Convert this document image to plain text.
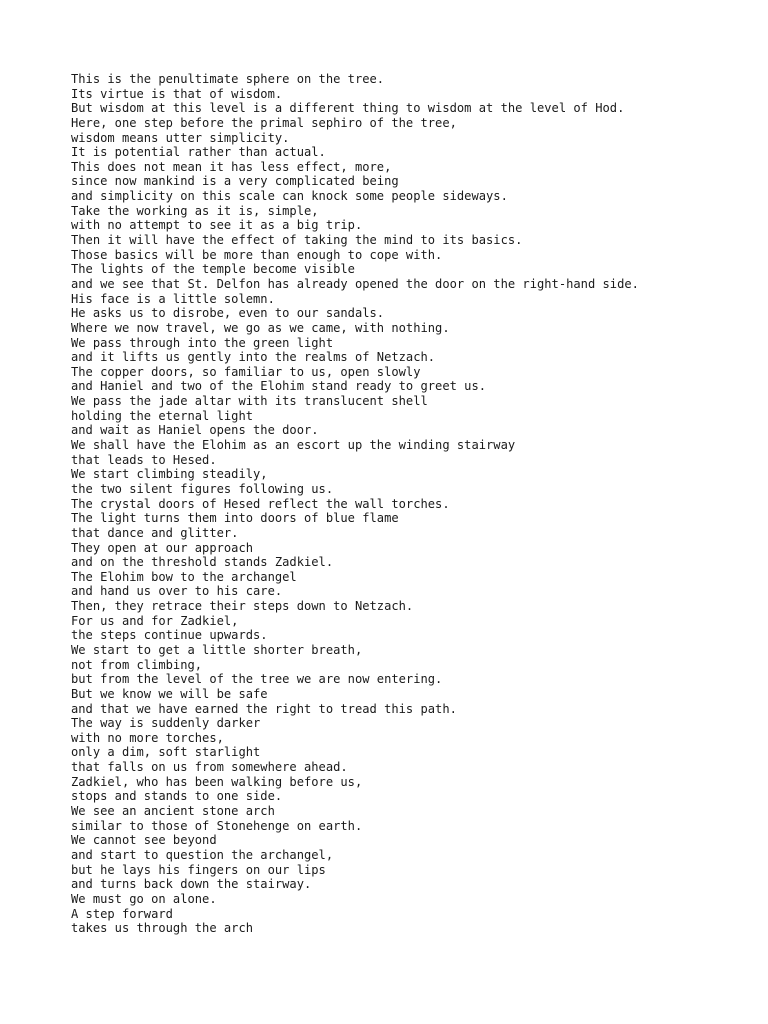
This is the penultimate sphere on the tree.
Its virtue is that of wisdom.
But wisdom at this level is a different thing to wisdom at the level of Hod.
Here, one step before the primal sephiro of the tree,
wisdom means utter simplicity.
It is potential rather than actual.
This does not mean it has less effect, more,
since now mankind is a very complicated being
and simplicity on this scale can knock some people sideways.
Take the working as it is, simple,
with no attempt to see it as a big trip.
Then it will have the effect of taking the mind to its basics.
Those basics will be more than enough to cope with.
The lights of the temple become visible
and we see that St. Delfon has already opened the door on the right-hand side.
His face is a little solemn.
He asks us to disrobe, even to our sandals.
Where we now travel, we go as we came, with nothing.
We pass through into the green light
and it lifts us gently into the realms of Netzach.
The copper doors, so familiar to us, open slowly
and Haniel and two of the Elohim stand ready to greet us.
We pass the jade altar with its translucent shell
holding the eternal light
and wait as Haniel opens the door.
We shall have the Elohim as an escort up the winding stairway
that leads to Hesed.
We start climbing steadily,
the two silent figures following us.
The crystal doors of Hesed reflect the wall torches.
The light turns them into doors of blue flame
that dance and glitter.
They open at our approach
and on the threshold stands Zadkiel.
The Elohim bow to the archangel
and hand us over to his care.
Then, they retrace their steps down to Netzach.
For us and for Zadkiel,
the steps continue upwards.
We start to get a little shorter breath,
not from climbing,
but from the level of the tree we are now entering.
But we know we will be safe
and that we have earned the right to tread this path.
The way is suddenly darker
with no more torches,
only a dim, soft starlight
that falls on us from somewhere ahead.
Zadkiel, who has been walking before us,
stops and stands to one side.
We see an ancient stone arch
similar to those of Stonehenge on earth.
We cannot see beyond
and start to question the archangel,
but he lays his fingers on our lips
and turns back down the stairway.
We must go on alone.
A step forward
takes us through the arch
